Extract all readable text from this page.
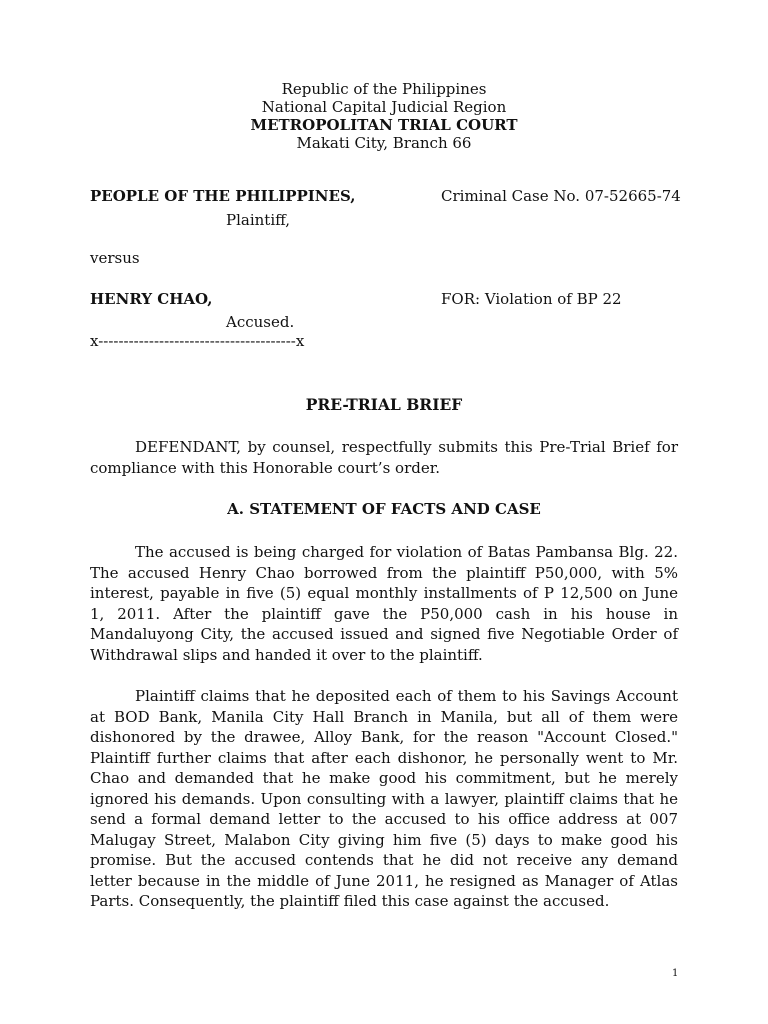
Republic of the Philippines
National Capital Judicial Region
METROPOLITAN TRIAL COURT
Makati City, Branch 66
PEOPLE OF THE PHILIPPINES,	Criminal Case No. 07-52665-74
Plaintiff,
versus
HENRY CHAO,	FOR: Violation of BP 22
Accused.
x---------------------------------------x
PRE-TRIAL BRIEF
DEFENDANT, by counsel, respectfully submits this Pre-Trial Brief for compliance with this Honorable court’s order.
A. STATEMENT OF FACTS AND CASE
The accused is being charged for violation of Batas Pambansa Blg. 22. The accused Henry Chao borrowed from the plaintiff P50,000, with 5% interest, payable in five (5) equal monthly installments of P 12,500 on June 1, 2011. After the plaintiff gave the P50,000 cash in his house in Mandaluyong City, the accused issued and signed five Negotiable Order of Withdrawal slips and handed it over to the plaintiff.
Plaintiff claims that he deposited each of them to his Savings Account at BOD Bank, Manila City Hall Branch in Manila, but all of them were dishonored by the drawee, Alloy Bank, for the reason "Account Closed." Plaintiff further claims that after each dishonor, he personally went to Mr. Chao and demanded that he make good his commitment, but he merely ignored his demands. Upon consulting with a lawyer, plaintiff claims that he send a formal demand letter to the accused to his office address at 007 Malugay Street, Malabon City giving him five (5) days to make good his promise. But the accused contends that he did not receive any demand letter because in the middle of June 2011, he resigned as Manager of Atlas Parts. Consequently, the plaintiff filed this case against the accused.
1
